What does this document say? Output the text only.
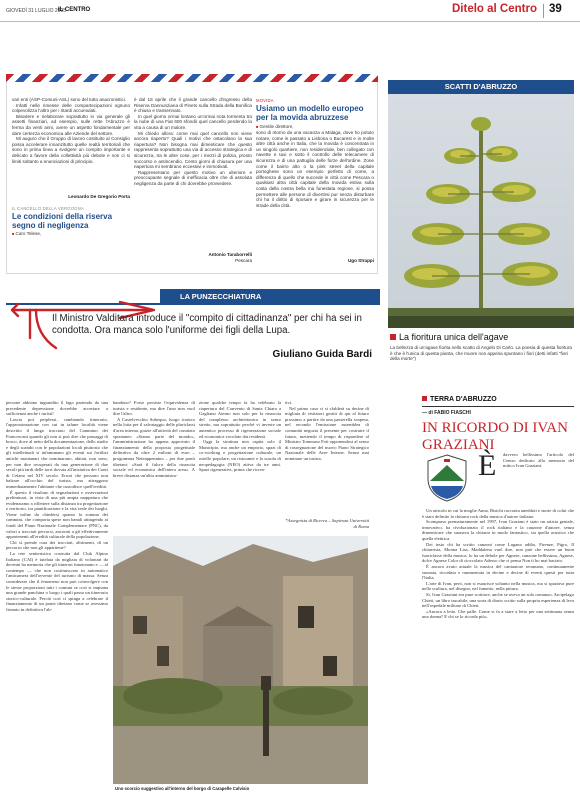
GIOVEDÌ 31 LUGLIO 2025
IL CENTRO	Ditelo al Centro 39

vari enti (ASP-Comuni-ASL) sono del tutto anacronistici.

Infatti nelle rimesse delle compartecipazioni ognuno colpevolizza l'altro per i ritardi accumulati.

Bisedere e rielaborare soprattutto in via generale gli assetti finanziari, ad esempio, sulle rette l'Abruzzo è ferma da venti anni, avere un aspetto fondamentale per dare certezza economica alle Aziende del settore.

Mi auguro che il Gruppo di lavoro costituito al Consiglio possa accelerare innanzitutto quelle realtà territoriali che sono in prima linea a svolgere un compito importante e delicato a favore della collettività più debole e non ci si limiti soltanto a enunciazioni di principio.

Leonardo De Gregorio Porta
IL CANCELLO DELLA VERGOGNA
Le condizioni della riserva segno di negligenza
■ Caro Telese,

è dal 18 aprile che il grande cancello d'ingresso della Riserva Dannunziana di Pineto sulla Strada della Bonifica è chiuso e transennato.

In quel giorno ormai lontano un'ormai nota tormenta tra la nube di una Fiat 600 sfondò quel cancello perdendo la vita a causa di un malore.

Mi chiedo allora: come mai quel cancello non viene ancora riaperto? Quali i motivi che ostacolano la sua riapertura? Non bisogna mai dimenticare che questo rappresenta soprattutto una via di accesso strategica e di sicurezza, tra le altre cose, per i mezzi di polizia, pronto soccorso e antincendio. Cento giorni di chiusura per una riapertura mi sembrano eccessivi e immotivati.

Rappresentano per questo motivo un ulteriore e preoccupante segnale di inefficacia oltre che di assoluta negligenza da parte di chi dovrebbe provvedere.

Antonio Taraborrelli
Pescara
MOVIDA
Usiamo un modello europeo per la movida abruzzese
■ Gentile direttore,

sono di ritorno da una vacanza a Malaga, dove ho potuto notare, come in passato a Lisbona o Bucarest e in molte altre città anche in Italia, che la movida è concentrata in un singolo quartiere, non residenziale, ben collegato con navette e taxi e sotto il controllo delle telecamere di sicurezza e di una pattuglia delle forze dell'ordine. Zone come il bairro alto o la pink street della capitale portoghese sono un esempio perfetto di come, a differenza di quello che succede in città come Pescara o qualsiasi altra città capitale della movida estiva sulla costa della nostra bella ma funestata regione, si possa permettere alle persone di divertirsi pur senza disturbare chi ha il diritto di riposare e girare in sicurezza per le strade della città.

Ugo Strappi
SCATTI D'ABRUZZO
La fioritura unica dell'agave
La bellezza di un'agave fiorita nello scatto di Angelo Di Carlo. La poesia di questa fioritura è che è l'unica di questa pianta, che muore non appena spuntano i fiori (detti infatti "fiori della morte")
LA PUNZECCHIATURA
Il Ministro Valditara introduce il "compito di cittadinanza" per chi ha sei in condotta. Ora manca solo l'uniforme dei figli della Lupa.
Giuliano Guida Bardi

persone abbiano ingrandito il lago partendo da una precedente depressione dovrebbe accertare a sufficienza anche i turisti!

Lascia poi perplessi, cambiando itinerario, l'approssimazione con cui in talune località viene descritto il lungo tracciato del Cammino dei Francescani quando gli non si può dire che passaggi di bosco, dove al netto della documentazione, dello studio e degli scambi con le popolazioni locali piuttosto che gli intellettuali si infiammano gli eventi sui fortilizi antichi montanari che nominarono, abitati, non sono, per non dire recuperati da una generazione di due secoli più tardi delle torri dovuta all'iniziativa dei Conti di Celano nel XIV secolo. Errori che possono non balzare all'occhio del turista, ma attraggono immediatamente l'abitante che custodisce quell'eredità.

È questo il risultato di segnalazioni e osservazioni preliminari, in vista di una più ampia mappatura che evidenziamo a riflettere sulla distanza tra progettazione e territorio, tra pianificazione e la vita reale dei luoghi. Viene infine da chiedersi quanto la somma dei cammini, che comporta spese non banali attingendo ai fondi del Piano Nazionale Complementare (PNC), da valori a tracciati percorsi, ancorati a gli effettivamente appartenenti all'eredità culturale della popolazione.

Chi si prende cura dei tracciati, altrimenti, di un percorso che non gli appartiene?

La rete sentieristica costruita dal Club Alpino Italiano (CAI) è tutelata da migliaia di volontari da decenni ha memoria che gli itinerari funzionano e — al contempo — che non costituiscono in automatico l'anticamera dell'avvento del turismo di massa. Senza considerare che il fenomeno non può coinvolgere con le stesse proporzioni tutti i comuni se così si impiana una grande panchina o luogo i quali passa un itinerario storico-culturale. Perciò così ci spinga a celebrare il finanziamento di un ponte tibetano come se avessimo firmato in definitiva l'ab-

bandono? Forse persiste l'equivalenza di turista e residente, ma dire l'uno non vuol dire l'altro.

A Castelvecchio Subequo, luogo iconico nella lotta per il salvataggio delle pluriclassi d'area interna, grazie all'attività del comitato spontaneo «Siamo parte del mondo», l'amministrazione ha appena approvato il finanziamento della proposta progettuale definitiva da oltre 2 milioni di euro – programma Neteappennino – per due ponti tibetani: «Sarà il fulcro della rinascita sociale ed economica dell'intera area». A breve distanza un'altra amministra-

zione qualche tempo fa ha celebrato la riapertura del Convento di Santa Chiara a Gagliano Aterno non solo per la rinascita del complesso architettonico in senso stretto, ma soprattutto perché vi investe un autentico processo di rigenerazione sociale ed economica vocolato dai residenti.

Oggi la struttura non ospita solo il Municipio, ma anche un emporio, spazi di co-working e progettazione culturale, un ostello popolare, un ristorante e la scuola di neopedagogia (NEO) attiva da tre anni. Spazi rigenerativi, prima che ricrea-

tivi.

Nel primo caso ci si sfalderà su decine di migliaia di visitatori gestiti di qui al futuro prossimo a partire da una passerella sospesa, nel secondo l'emissione assemblea di comunità negozia il presente per costruire il futuro, mettendo il tempo di rispondere al Ministro Tommaso Foti opponendosi al senso di rassegnazione del nuovo Piano Strategico Nazionale delle Aree Interne. Senza mai nominare un turista.

*Assegnista di Ricerca – Sapienza Università di Roma
Uno scorcio suggestivo all'interno del borgo di Carapelle Calvisio
TERRA D'ABRUZZO
— di FABIO FIASCHI
IN RICORDO DI IVAN GRAZIANI
È davvero bellissimo l'articolo del Centro dedicato alla memoria del mitico Ivan Graziani.

Un articolo in cui la moglie Anna, Bisichi racconta aneddoti e storie di colui che è stato definito la chitarra rock della musica d'autore italiana.

Scomparso prematuramente nel 1997, Ivan Graziani è stato un artista geniale, innovativo, ha rivoluzionato il rock italiano e la canzone d'autore, senza dimenticare che suonava la chitarra in modo fantastico, sia quella acustica che quella elettrica.

Dei testo chi ha scritto canzoni come Lugano addio, Firenze, Pigro, Il chitarrista, Monna Lisa, Maddalena vuol dire, non può che essere un buon fuoriclasse della musica, lo ha un debole per Agnese, canzone bellissima, Agnese, dolce Agnese Color di cioccolato Adesso che ci pensa Non ti ho mai baciato.

È ancora avuto attuale la musica del cantautore teramano, continuamente suonata, ricordata e rammentata in decine e decine di eventi questi per tutta l'Italia.

L'arte di Ivan, però, non si esaurisce soltanto nella musica, ma si spaziava pure nella scultura, nel disegno, nel fumetto, nella pittura.

Sì, Ivan Graziani era pure scrittore, anche se aveva un solo romanzo, Arcipelago Chieti, un libro tascabile, una sorta di diario scritto sulla propria esperienza di leva nell'ospedale militare di Chieti.

«Ancora a letto. Che palle. Come si fa a stare a letto per una settimana senza una donna? E chi se lo ricorda più».
